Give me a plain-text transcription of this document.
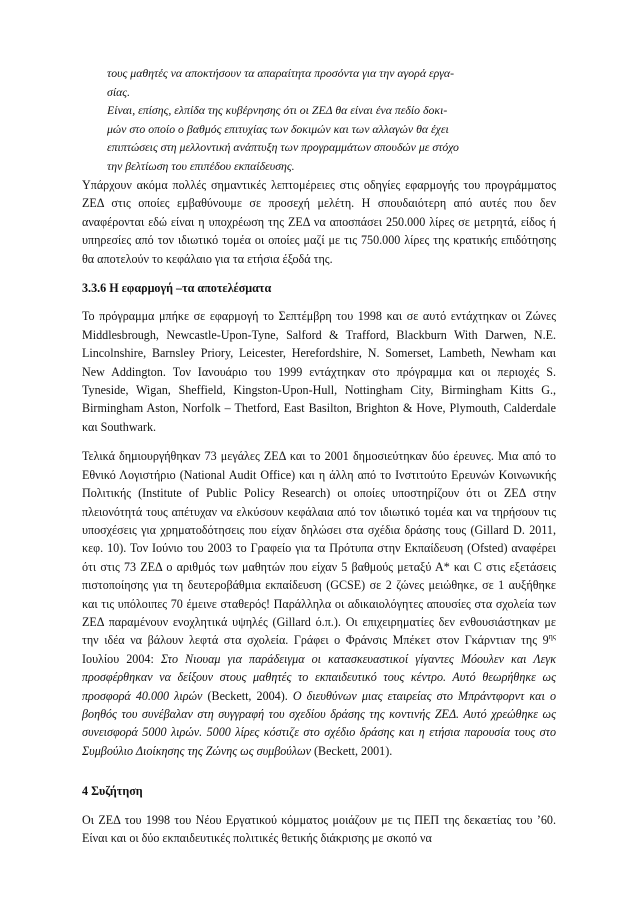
τους μαθητές να αποκτήσουν τα απαραίτητα προσόντα για την αγορά εργα-

σίας.

Είναι, επίσης, ελπίδα της κυβέρνησης ότι οι ΖΕΔ θα είναι ένα πεδίο δοκι-

μών στο οποίο ο βαθμός επιτυχίας των δοκιμών και των αλλαγών θα έχει

επιπτώσεις στη μελλοντική ανάπτυξη των προγραμμάτων σπουδών με στόχο

την βελτίωση του επιπέδου εκπαίδευσης.

Υπάρχουν ακόμα πολλές σημαντικές λεπτομέρειες στις οδηγίες εφαρμογής του προγράμματος ΖΕΔ στις οποίες εμβαθύνουμε σε προσεχή μελέτη. Η σπουδαιότερη από αυτές που δεν αναφέρονται εδώ είναι η υποχρέωση της ΖΕΔ να αποσπάσει 250.000 λίρες σε μετρητά, είδος ή υπηρεσίες από τον ιδιωτικό τομέα οι οποίες μαζί με τις 750.000 λίρες της κρατικής επιδότησης θα αποτελούν το κεφάλαιο για τα ετήσια έξοδά της.

3.3.6 Η εφαρμογή –τα αποτελέσματα

Το πρόγραμμα μπήκε σε εφαρμογή το Σεπτέμβρη του 1998 και σε αυτό εντάχτηκαν οι Ζώνες Middlesbrough, Newcastle-Upon-Tyne, Salford & Trafford, Blackburn With Darwen, N.E. Lincolnshire, Barnsley Priory, Leicester, Herefordshire, N. Somerset, Lambeth, Newham και New Addington. Τον Ιανουάριο του 1999 εντάχτηκαν στο πρόγραμμα και οι περιοχές S. Tyneside, Wigan, Sheffield, Kingston-Upon-Hull, Nottingham City, Birmingham Kitts G., Birmingham Aston, Norfolk – Thetford, East Basilton, Brighton & Hove, Plymouth, Calderdale και Southwark.

Τελικά δημιουργήθηκαν 73 μεγάλες ΖΕΔ και το 2001 δημοσιεύτηκαν δύο έρευνες. Μια από το Εθνικό Λογιστήριο (National Audit Office) και η άλλη από το Ινστιτούτο Ερευνών Κοινωνικής Πολιτικής (Institute of Public Policy Research) οι οποίες υποστηρίζουν ότι οι ΖΕΔ στην πλειονότητά τους απέτυχαν να ελκύσουν κεφάλαια από τον ιδιωτικό τομέα και να τηρήσουν τις υποσχέσεις για χρηματοδότησεις που είχαν δηλώσει στα σχέδια δράσης τους (Gillard D. 2011, κεφ. 10). Τον Ιούνιο του 2003 το Γραφείο για τα Πρότυπα στην Εκπαίδευση (Ofsted) αναφέρει ότι στις 73 ΖΕΔ ο αριθμός των μαθητών που είχαν 5 βαθμούς μεταξύ Α* και C στις εξετάσεις πιστοποίησης για τη δευτεροβάθμια εκπαίδευση (GCSE) σε 2 ζώνες μειώθηκε, σε 1 αυξήθηκε και τις υπόλοιπες 70 έμεινε σταθερός! Παράλληλα οι αδικαιολόγητες απουσίες στα σχολεία των ΖΕΔ παραμένουν ενοχλητικά υψηλές (Gillard ό.π.). Οι επιχειρηματίες δεν ενθουσιάστηκαν με την ιδέα να βάλουν λεφτά στα σχολεία. Γράφει ο Φράνσις Μπέκετ στον Γκάρντιαν της $9^{\eta\varsigma}$ Ιουλίου 2004: Στο Νιουαμ για παράδειγμα οι κατασκευαστικοί γίγαντες Μόουλεν και Λεγκ προσφέρθηκαν να δείξουν στους μαθητές το εκπαιδευτικό τους κέντρο. Αυτό θεωρήθηκε ως προσφορά 40.000 λιρών (Beckett, 2004). Ο διευθύνων μιας εταιρείας στο Μπράντφορντ και ο βοηθός του συνέβαλαν στη συγγραφή του σχεδίου δράσης της κοντινής ΖΕΔ. Αυτό χρεώθηκε ως συνεισφορά 5000 λιρών. 5000 λίρες κόστιζε στο σχέδιο δράσης και η ετήσια παρουσία τους στο Συμβούλιο Διοίκησης της Ζώνης ως συμβούλων (Beckett, 2001).

4 Συζήτηση

Οι ΖΕΔ του 1998 του Νέου Εργατικού κόμματος μοιάζουν με τις ΠΕΠ της δεκαετίας του ’60. Είναι και οι δύο εκπαιδευτικές πολιτικές θετικής διάκρισης με σκοπό να
